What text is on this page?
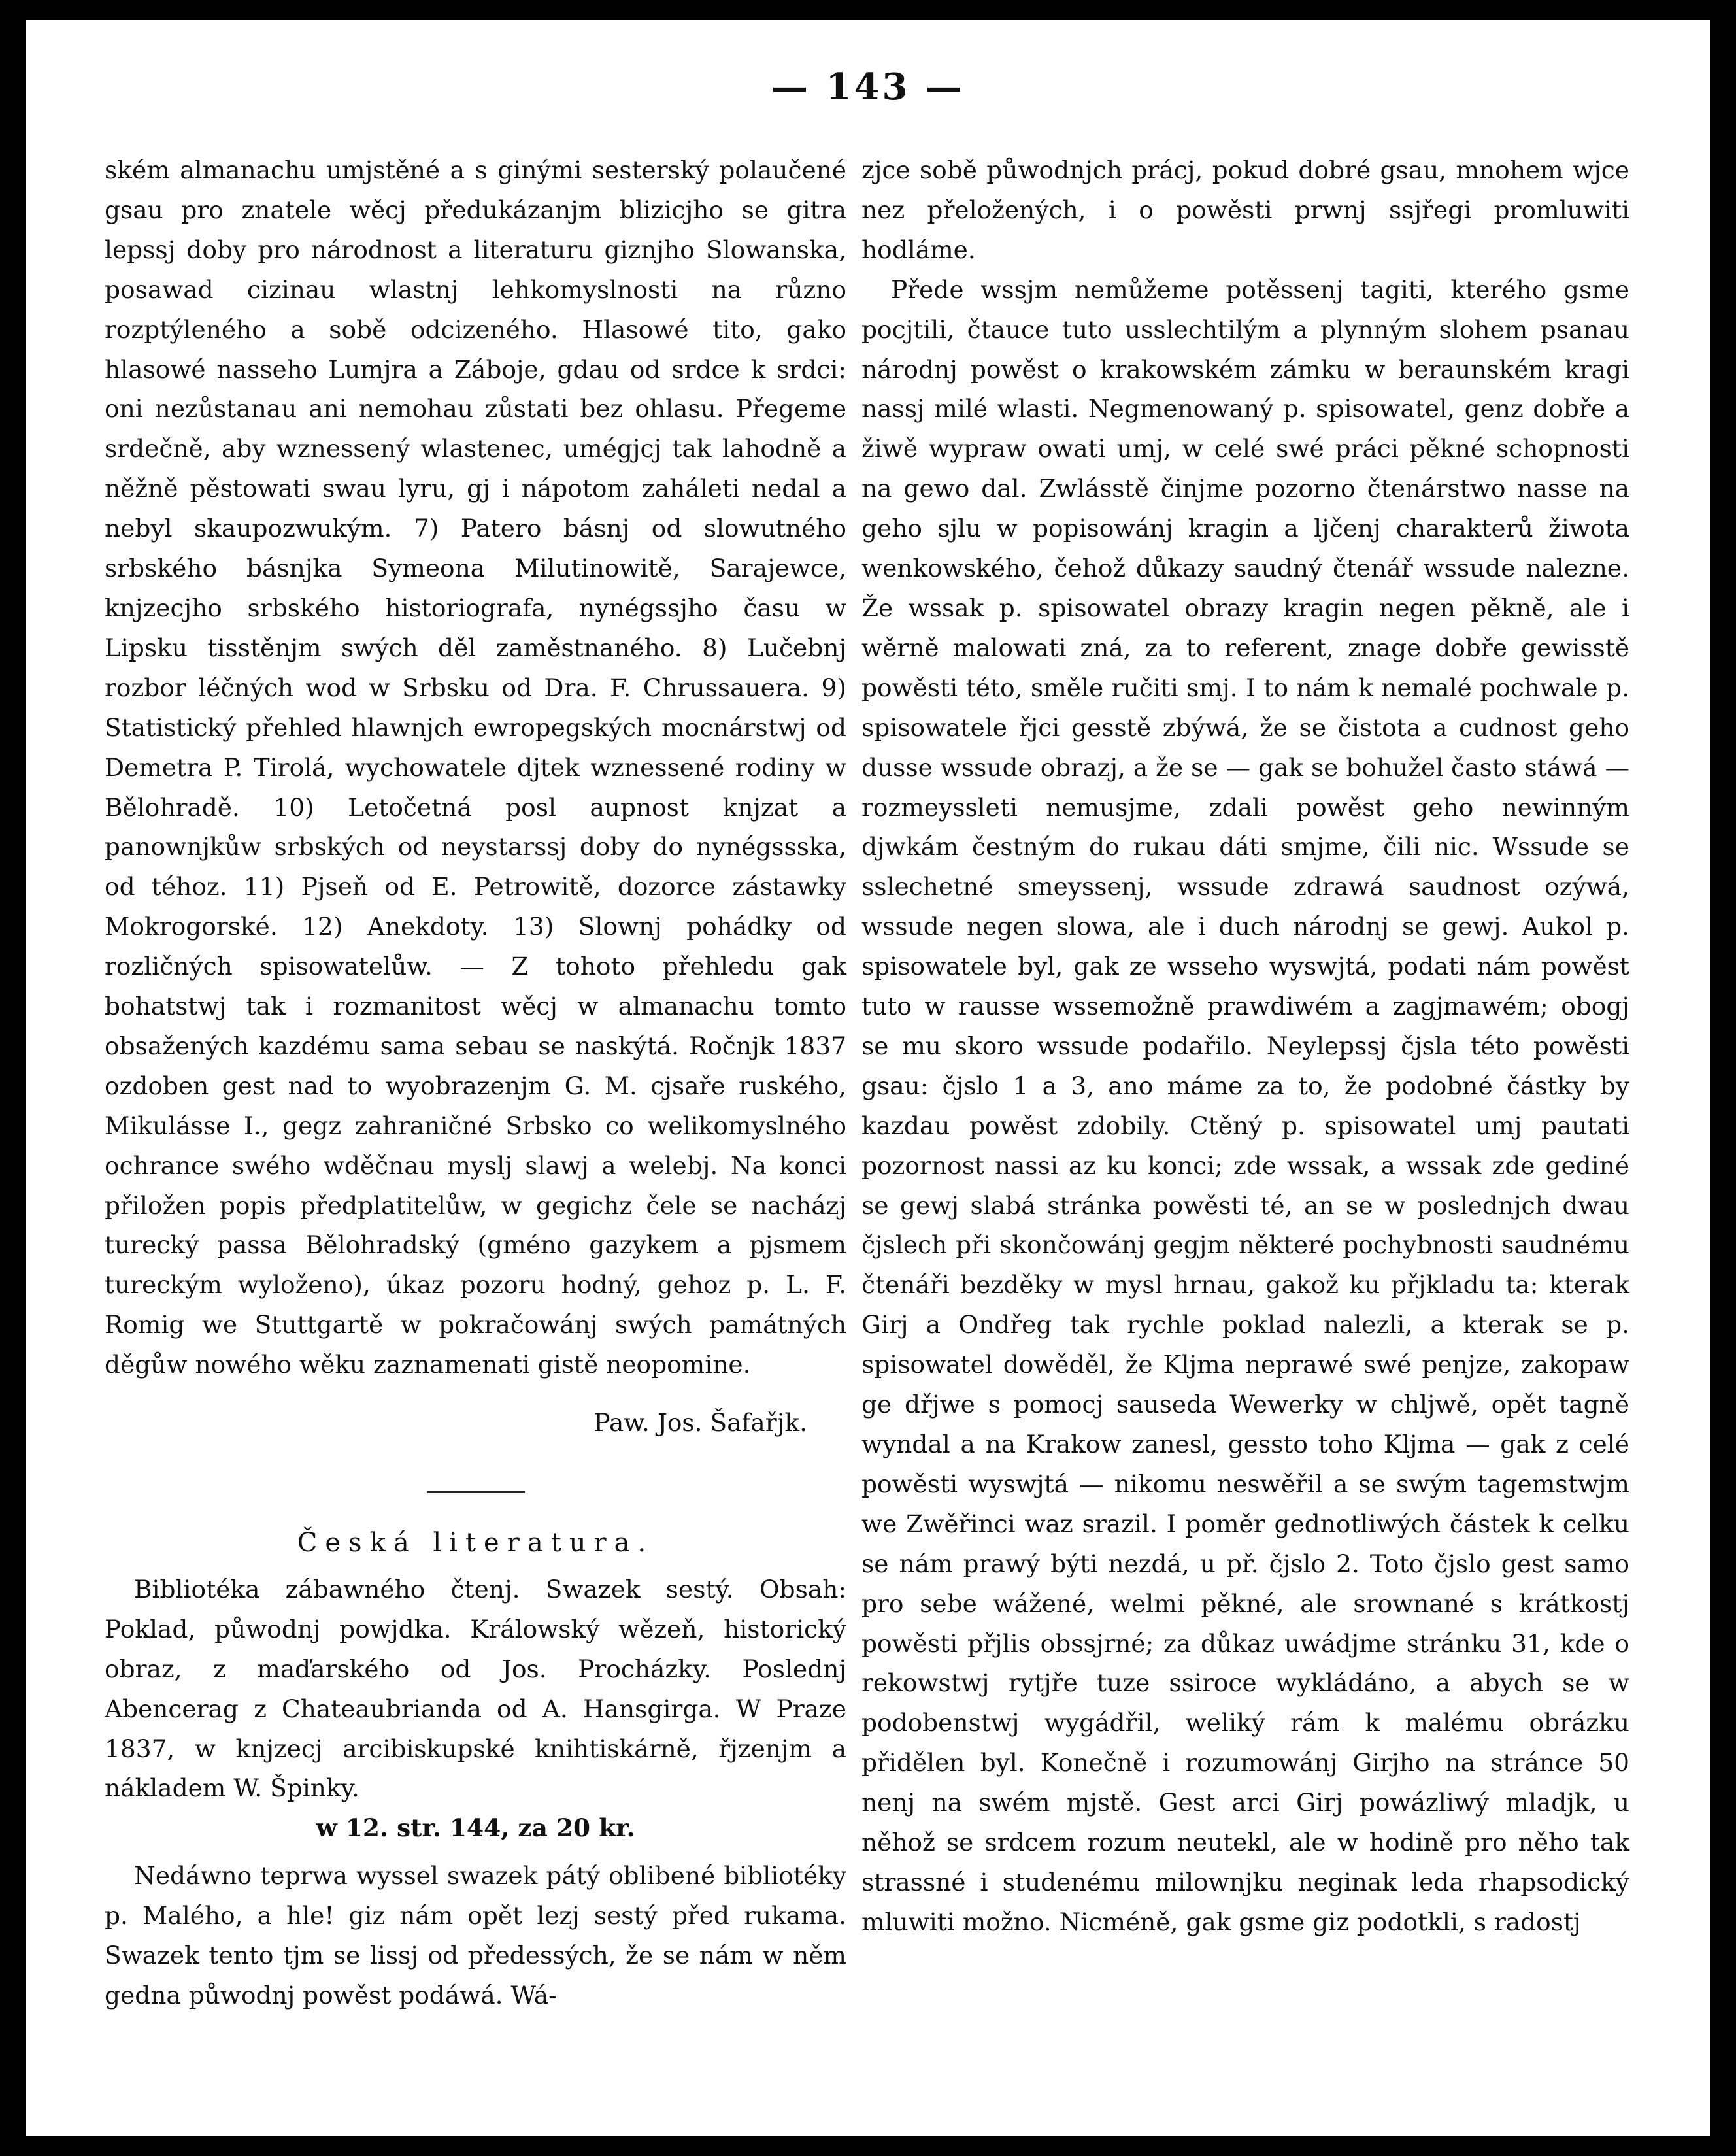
— 143 —

ském almanachu umjstěné a s ginými sesterský polaučené gsau pro znatele wěcj předukázanjm blizicjho se gitra lepssj doby pro národnost a literaturu giznjho Slowanska, posawad cizinau wlastnj lehkomyslnosti na různo rozptýleného a sobě odcizeného. Hlasowé tito, gako hlasowé nasseho Lumjra a Záboje, gdau od srdce k srdci: oni nezůstanau ani nemohau zůstati bez ohlasu. Přegeme srdečně, aby wznessený wlastenec, umégjcj tak lahodně a něžně pěstowati swau lyru, gj i nápotom zaháleti nedal a nebyl skaupozwukým. 7) Patero básnj od slowutného srbského básnjka Symeona Milutinowitě, Sarajewce, knjzecjho srbského historiografa, nynégssjho času w Lipsku tisstěnjm swých děl zaměstnaného. 8) Lučebnj rozbor léčných wod w Srbsku od Dra. F. Chrussauera. 9) Statistický přehled hlawnjch ewropegských mocnárstwj od Demetra P. Tirolá, wychowatele djtek wznessené rodiny w Bělohradě. 10) Letočetná posl aupnost knjzat a panownjkůw srbských od neystarssj doby do nynégssska, od téhoz. 11) Pjseň od E. Petrowitě, dozorce zástawky Mokrogorské. 12) Anekdoty. 13) Slownj pohádky od rozličných spisowatelůw. — Z tohoto přehledu gak bohatstwj tak i rozmanitost wěcj w almanachu tomto obsažených kazdému sama sebau se naskýtá. Ročnjk 1837 ozdoben gest nad to wyobrazenjm G. M. cjsaře ruského, Mikulásse I., gegz zahraničné Srbsko co welikomyslného ochrance swého wděčnau myslj slawj a welebj. Na konci přiložen popis předplatitelůw, w gegichz čele se nacházj turecký passa Bělohradský (gméno gazykem a pjsmem tureckým wyloženo), úkaz pozoru hodný, gehoz p. L. F. Romig we Stuttgartě w pokračowánj swých památných děgůw nowého wěku zaznamenati gistě neopomine.

Paw. Jos. Šafařjk.

Česká literatura.

Bibliotéka zábawného čtenj. Swazek sestý. Obsah: Poklad, půwodnj powjdka. Králowský wězeň, historický obraz, z maďarského od Jos. Procházky. Poslednj Abencerag z Chateaubrianda od A. Hansgirga. W Praze 1837, w knjzecj arcibiskupské knihtiskárně, řjzenjm a nákladem W. Špinky.

w 12. str. 144, za 20 kr.

Nedáwno teprwa wyssel swazek pátý oblibené bibliotéky p. Malého, a hle! giz nám opět lezj sestý před rukama. Swazek tento tjm se lissj od předessých, že se nám w něm gedna půwodnj powěst podáwá. Wá-

zjce sobě půwodnjch prácj, pokud dobré gsau, mnohem wjce nez přeložených, i o powěsti prwnj ssjřegi promluwiti hodláme.

Přede wssjm nemůžeme potěssenj tagiti, kterého gsme pocjtili, čtauce tuto usslechtilým a plynným slohem psanau národnj powěst o krakowském zámku w beraunském kragi nassj milé wlasti. Negmenowaný p. spisowatel, genz dobře a žiwě wypraw owati umj, w celé swé práci pěkné schopnosti na gewo dal. Zwlásstě činjme pozorno čtenárstwo nasse na geho sjlu w popisowánj kragin a ljčenj charakterů žiwota wenkowského, čehož důkazy saudný čtenář wssude nalezne. Že wssak p. spisowatel obrazy kragin negen pěkně, ale i wěrně malowati zná, za to referent, znage dobře gewisstě powěsti této, směle ručiti smj. I to nám k nemalé pochwale p. spisowatele řjci gesstě zbýwá, že se čistota a cudnost geho dusse wssude obrazj, a že se — gak se bohužel často stáwá — rozmeyssleti nemusjme, zdali powěst geho newinným djwkám čestným do rukau dáti smjme, čili nic. Wssude se sslechetné smeyssenj, wssude zdrawá saudnost ozýwá, wssude negen slowa, ale i duch národnj se gewj. Aukol p. spisowatele byl, gak ze wsseho wyswjtá, podati nám powěst tuto w rausse wssemožně prawdiwém a zagjmawém; obogj se mu skoro wssude podařilo. Neylepssj čjsla této powěsti gsau: čjslo 1 a 3, ano máme za to, že podobné částky by kazdau powěst zdobily. Ctěný p. spisowatel umj pautati pozornost nassi az ku konci; zde wssak, a wssak zde gediné se gewj slabá stránka powěsti té, an se w poslednjch dwau čjslech při skončowánj gegjm některé pochybnosti saudnému čtenáři bezděky w mysl hrnau, gakož ku přjkladu ta: kterak Girj a Ondřeg tak rychle poklad nalezli, a kterak se p. spisowatel dowěděl, že Kljma neprawé swé penjze, zakopaw ge dřjwe s pomocj sauseda Wewerky w chljwě, opět tagně wyndal a na Krakow zanesl, gessto toho Kljma — gak z celé powěsti wyswjtá — nikomu neswěřil a se swým tagemstwjm we Zwěřinci waz srazil. I poměr gednotliwých částek k celku se nám prawý býti nezdá, u př. čjslo 2. Toto čjslo gest samo pro sebe wážené, welmi pěkné, ale srownané s krátkostj powěsti přjlis obssjrné; za důkaz uwádjme stránku 31, kde o rekowstwj rytjře tuze ssiroce wykládáno, a abych se w podobenstwj wygádřil, weliký rám k malému obrázku přidělen byl. Konečně i rozumowánj Girjho na stránce 50 nenj na swém mjstě. Gest arci Girj powázliwý mladjk, u něhož se srdcem rozum neutekl, ale w hodině pro něho tak strassné i studenému milownjku neginak leda rhapsodický mluwiti možno. Nicméně, gak gsme giz podotkli, s radostj
